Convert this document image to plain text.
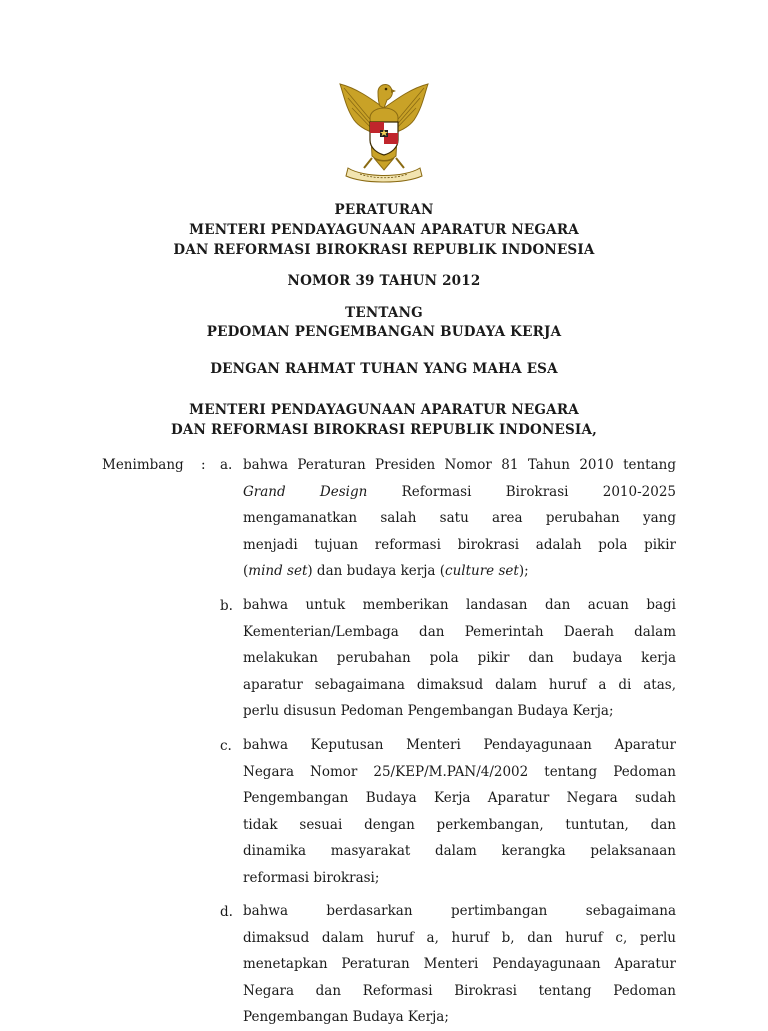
PERATURAN
MENTERI PENDAYAGUNAAN APARATUR NEGARA
DAN REFORMASI BIROKRASI REPUBLIK INDONESIA
NOMOR 39 TAHUN 2012
TENTANG
PEDOMAN PENGEMBANGAN BUDAYA KERJA
DENGAN RAHMAT TUHAN YANG MAHA ESA
MENTERI PENDAYAGUNAAN APARATUR NEGARA
DAN REFORMASI BIROKRASI REPUBLIK INDONESIA,
Menimbang : a. bahwa Peraturan Presiden Nomor 81 Tahun 2010 tentang
Grand Design Reformasi Birokrasi 2010-2025
mengamanatkan salah satu area perubahan yang
menjadi tujuan reformasi birokrasi adalah pola pikir
(mind set) dan budaya kerja (culture set);
b. bahwa untuk memberikan landasan dan acuan bagi
Kementerian/Lembaga dan Pemerintah Daerah dalam
melakukan perubahan pola pikir dan budaya kerja
aparatur sebagaimana dimaksud dalam huruf a di atas,
perlu disusun Pedoman Pengembangan Budaya Kerja;
c. bahwa Keputusan Menteri Pendayagunaan Aparatur
Negara Nomor 25/KEP/M.PAN/4/2002 tentang Pedoman
Pengembangan Budaya Kerja Aparatur Negara sudah
tidak sesuai dengan perkembangan, tuntutan, dan
dinamika masyarakat dalam kerangka pelaksanaan
reformasi birokrasi;
d. bahwa berdasarkan pertimbangan sebagaimana
dimaksud dalam huruf a, huruf b, dan huruf c, perlu
menetapkan Peraturan Menteri Pendayagunaan Aparatur
Negara dan Reformasi Birokrasi tentang Pedoman
Pengembangan Budaya Kerja;
